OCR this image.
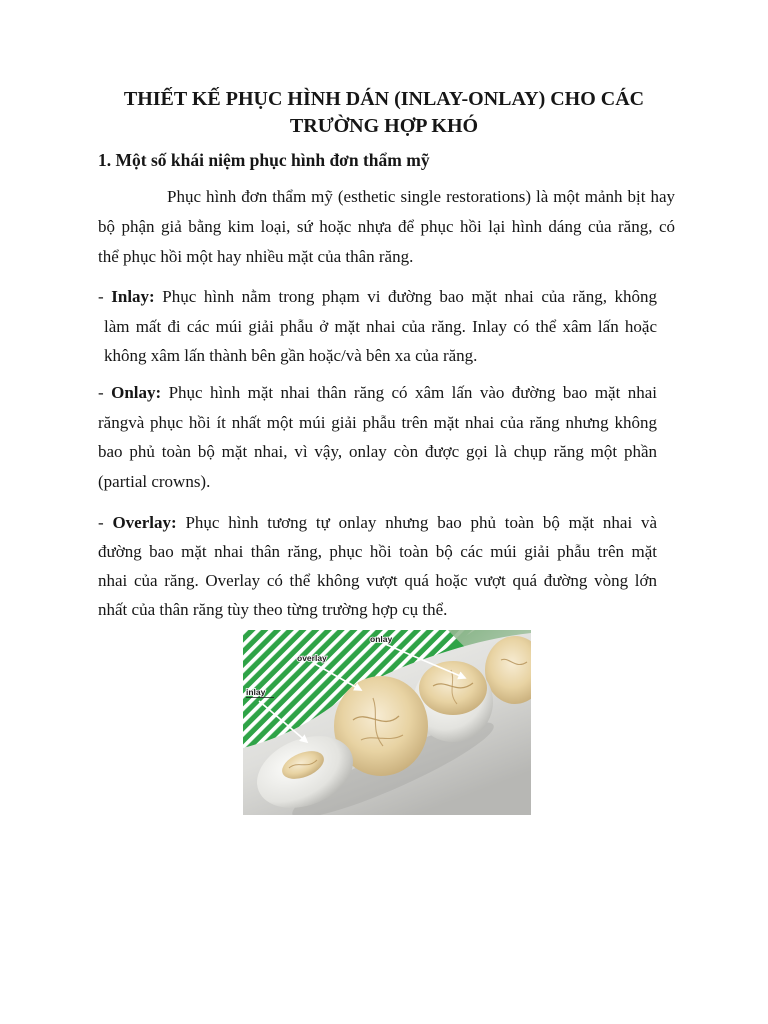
THIẾT KẾ PHỤC HÌNH DÁN (INLAY-ONLAY) CHO CÁC
TRƯỜNG HỢP KHÓ
1. Một số khái niệm phục hình đơn thẩm mỹ
Phục hình đơn thẩm mỹ (esthetic single restorations) là một mảnh bịt hay
bộ phận giả bằng kim loại, sứ hoặc nhựa để phục hồi lại hình dáng của răng, có
thể phục hồi một hay nhiều mặt của thân răng.
- Inlay: Phục hình nằm trong phạm vi đường bao mặt nhai của răng, không
làm mất đi các múi giải phẫu ở mặt nhai của răng. Inlay có thể xâm lấn hoặc
không xâm lấn thành bên gần hoặc/và bên xa của răng.
- Onlay: Phục hình mặt nhai thân răng có xâm lấn vào đường bao mặt nhai
răngvà phục hồi ít nhất một múi giải phẫu trên mặt nhai của răng nhưng không
bao phủ toàn bộ mặt nhai, vì vậy, onlay còn được gọi là chụp răng một phần
(partial crowns).
- Overlay: Phục hình tương tự onlay nhưng bao phủ toàn bộ mặt nhai và
đường bao mặt nhai thân răng, phục hồi toàn bộ các múi giải phẫu trên mặt
nhai của răng. Overlay có thể không vượt quá hoặc vượt quá đường vòng lớn
nhất của thân răng tùy theo từng trường hợp cụ thể.
onlay
overlay
inlay
